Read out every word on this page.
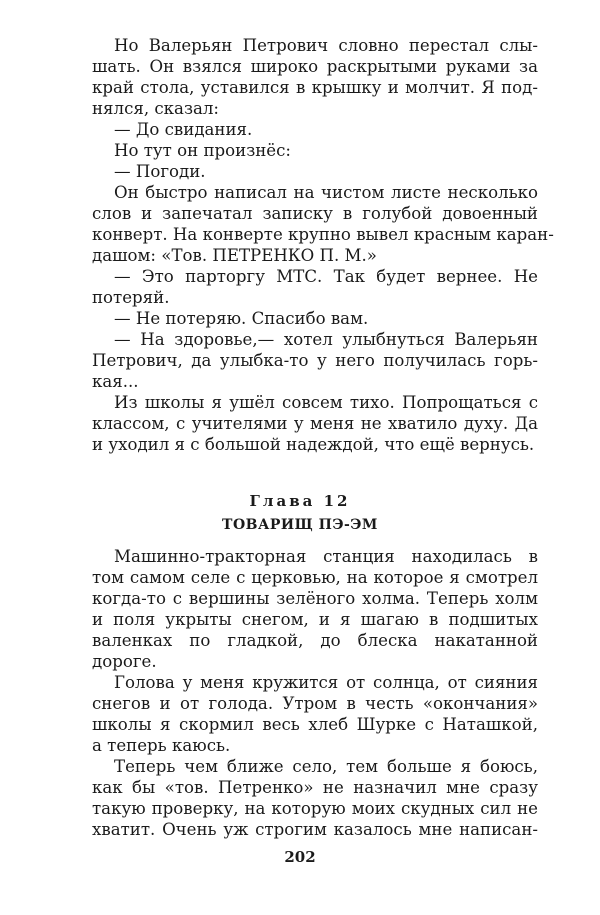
Но Валерьян Петрович словно перестал слы-
шать. Он взялся широко раскрытыми руками за
край стола, уставился в крышку и молчит. Я под-
нялся, сказал:
— До свидания.
Но тут он произнёс:
— Погоди.
Он быстро написал на чистом листе несколько
слов и запечатал записку в голубой довоенный
конверт. На конверте крупно вывел красным каран-
дашом: «Тов. ПЕТРЕНКО П. М.»
— Это парторгу МТС. Так будет вернее. Не
потеряй.
— Не потеряю. Спасибо вам.
— На здоровье,— хотел улыбнуться Валерьян
Петрович, да улыбка-то у него получилась горь-
кая...
Из школы я ушёл совсем тихо. Попрощаться с
классом, с учителями у меня не хватило духу. Да
и уходил я с большой надеждой, что ещё вернусь.
Глава 12
ТОВАРИЩ ПЭ-ЭМ
Машинно-тракторная станция находилась в
том самом селе с церковью, на которое я смотрел
когда-то с вершины зелёного холма. Теперь холм
и поля укрыты снегом, и я шагаю в подшитых
валенках по гладкой, до блеска накатанной
дороге.
Голова у меня кружится от солнца, от сияния
снегов и от голода. Утром в честь «окончания»
школы я скормил весь хлеб Шурке с Наташкой,
а теперь каюсь.
Теперь чем ближе село, тем больше я боюсь,
как бы «тов. Петренко» не назначил мне сразу
такую проверку, на которую моих скудных сил не
хватит. Очень уж строгим казалось мне написан-
202
